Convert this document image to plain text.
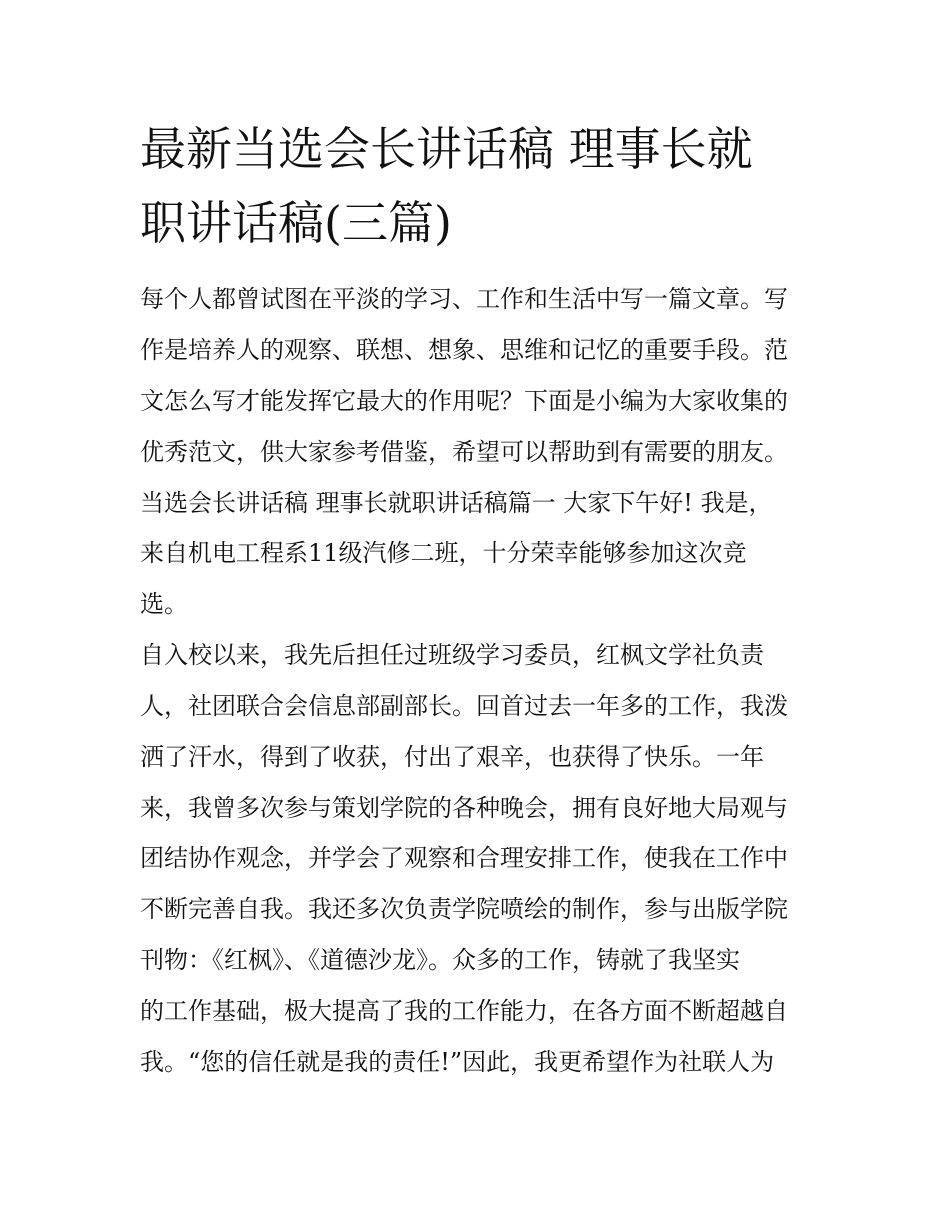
最新当选会长讲话稿 理事长就
职讲话稿(三篇)

每个人都曾试图在平淡的学习、工作和生活中写一篇文章。写

作是培养人的观察、联想、想象、思维和记忆的重要手段。范

文怎么写才能发挥它最大的作用呢？下面是小编为大家收集的

优秀范文，供大家参考借鉴，希望可以帮助到有需要的朋友。

当选会长讲话稿 理事长就职讲话稿篇一 大家下午好! 我是，

来自机电工程系11级汽修二班，十分荣幸能够参加这次竞

选。

自入校以来，我先后担任过班级学习委员，红枫文学社负责

人，社团联合会信息部副部长。回首过去一年多的工作，我泼

洒了汗水，得到了收获，付出了艰辛，也获得了快乐。一年

来，我曾多次参与策划学院的各种晚会，拥有良好地大局观与

团结协作观念，并学会了观察和合理安排工作，使我在工作中

不断完善自我。我还多次负责学院喷绘的制作，参与出版学院

刊物：《红枫》、《道德沙龙》。众多的工作，铸就了我坚实

的工作基础，极大提高了我的工作能力，在各方面不断超越自

我。“您的信任就是我的责任!”因此，我更希望作为社联人为
